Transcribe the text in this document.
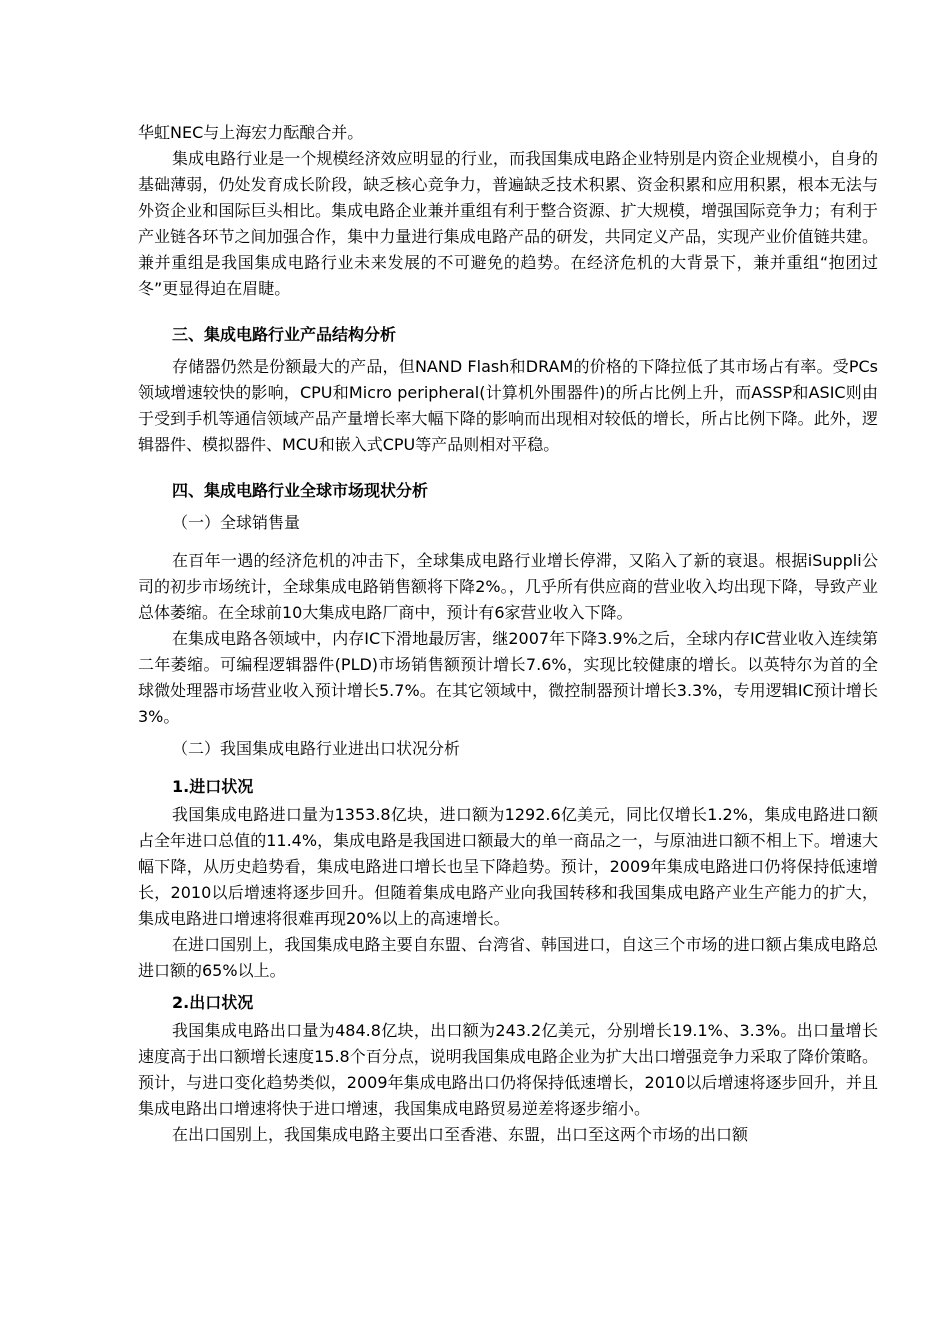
华虹NEC与上海宏力酝酿合并。

集成电路行业是一个规模经济效应明显的行业，而我国集成电路企业特别是内资企业规模小，自身的基础薄弱，仍处发育成长阶段，缺乏核心竞争力，普遍缺乏技术积累、资金积累和应用积累，根本无法与外资企业和国际巨头相比。集成电路企业兼并重组有利于整合资源、扩大规模，增强国际竞争力；有利于产业链各环节之间加强合作，集中力量进行集成电路产品的研发，共同定义产品，实现产业价值链共建。兼并重组是我国集成电路行业未来发展的不可避免的趋势。在经济危机的大背景下，兼并重组“抱团过冬”更显得迫在眉睫。

三、集成电路行业产品结构分析

存储器仍然是份额最大的产品，但NAND Flash和DRAM的价格的下降拉低了其市场占有率。受PCs领域增速较快的影响，CPU和Micro peripheral(计算机外围器件)的所占比例上升，而ASSP和ASIC则由于受到手机等通信领域产品产量增长率大幅下降的影响而出现相对较低的增长，所占比例下降。此外，逻辑器件、模拟器件、MCU和嵌入式CPU等产品则相对平稳。

四、集成电路行业全球市场现状分析

（一）全球销售量

在百年一遇的经济危机的冲击下，全球集成电路行业增长停滞，又陷入了新的衰退。根据iSuppli公司的初步市场统计，全球集成电路销售额将下降2%。，几乎所有供应商的营业收入均出现下降，导致产业总体萎缩。在全球前10大集成电路厂商中，预计有6家营业收入下降。

在集成电路各领域中，内存IC下滑地最厉害，继2007年下降3.9%之后，全球内存IC营业收入连续第二年萎缩。可编程逻辑器件(PLD)市场销售额预计增长7.6%，实现比较健康的增长。以英特尔为首的全球微处理器市场营业收入预计增长5.7%。在其它领域中，微控制器预计增长3.3%，专用逻辑IC预计增长3%。

（二）我国集成电路行业进出口状况分析

1.进口状况

我国集成电路进口量为1353.8亿块，进口额为1292.6亿美元，同比仅增长1.2%，集成电路进口额占全年进口总值的11.4%，集成电路是我国进口额最大的单一商品之一，与原油进口额不相上下。增速大幅下降，从历史趋势看，集成电路进口增长也呈下降趋势。预计，2009年集成电路进口仍将保持低速增长，2010以后增速将逐步回升。但随着集成电路产业向我国转移和我国集成电路产业生产能力的扩大，集成电路进口增速将很难再现20%以上的高速增长。

在进口国别上，我国集成电路主要自东盟、台湾省、韩国进口，自这三个市场的进口额占集成电路总进口额的65%以上。

2.出口状况

我国集成电路出口量为484.8亿块，出口额为243.2亿美元，分别增长19.1%、3.3%。出口量增长速度高于出口额增长速度15.8个百分点，说明我国集成电路企业为扩大出口增强竞争力采取了降价策略。预计，与进口变化趋势类似，2009年集成电路出口仍将保持低速增长，2010以后增速将逐步回升，并且集成电路出口增速将快于进口增速，我国集成电路贸易逆差将逐步缩小。

在出口国别上，我国集成电路主要出口至香港、东盟，出口至这两个市场的出口额
